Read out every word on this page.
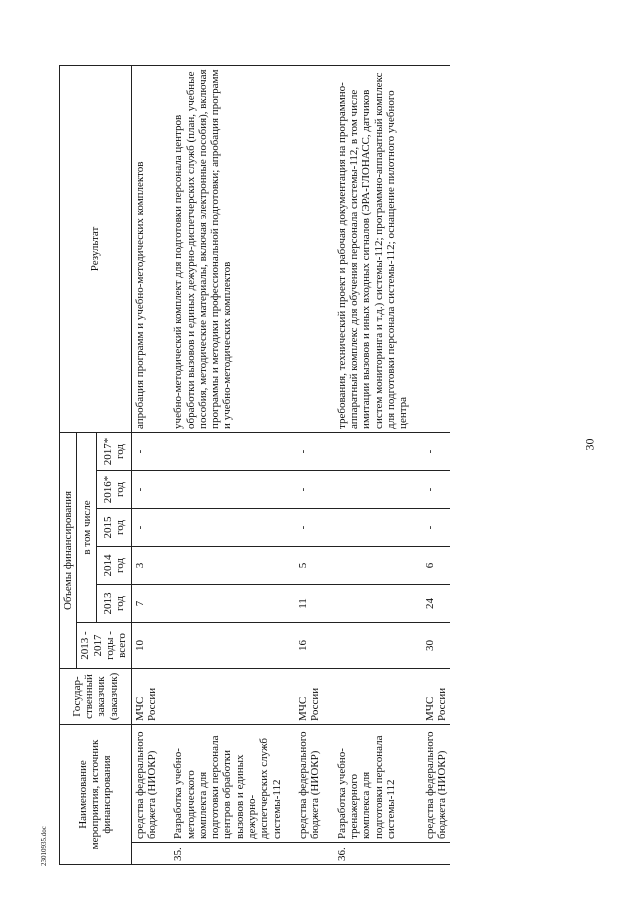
30
23010935.doc
Наименование мероприятия, источник финансирования		Государ-ственный заказчик (заказчик)	Объемы финансирования						Результат
			2013 - 2017 годы - всего	в том числе					
				2013 год	2014 год	2015 год	2016* год	2017* год	
	средства федерального бюджета (НИОКР)	МЧС России	10	7	3	-	-	-	апробация программ и учебно-методических комплектов

35.	Разработка учебно-методического комплекта для подготовки персонала центров обработки вызовов и единых дежурно-диспетчерских служб системы-112								учебно-методический комплект для подготовки персонала центров обработки вызовов и единых дежурно-диспетчерских служб (план, учебные пособия, методические материалы, включая электронные пособия), включая программы и методики профессиональной подготовки; апробация программ и учебно-методических комплектов

	средства федерального бюджета (НИОКР)	МЧС России	16	11	5	-	-	-	

36.	Разработка учебно-тренажерного комплекса для подготовки персонала системы-112								требования, технический проект и рабочая документация на программно-аппаратный комплекс для обучения персонала системы-112, в том числе имитации вызовов и иных входных сигналов (ЭРА-ГЛОНАСС, датчиков систем мониторинга и т.д.) системы-112; программно-аппаратный комплекс для подготовки персонала системы-112; оснащение пилотного учебного центра

	средства федерального бюджета (НИОКР)	МЧС России	30	24	6	-	-	-	
